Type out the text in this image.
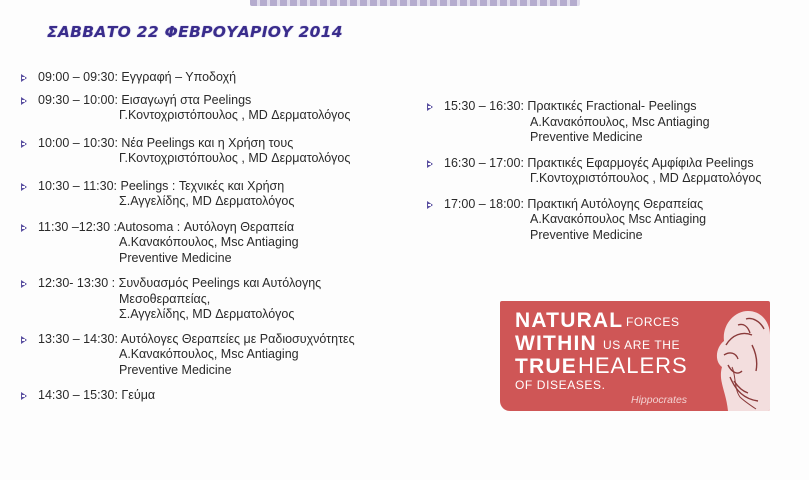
ΣΑΒΒΑΤΟ 22 ΦΕΒΡΟΥΑΡΙΟΥ 2014
09:00 – 09:30: Εγγραφή – Υποδοχή
09:30 – 10:00: Εισαγωγή στα Peelings
Γ.Κοντοχριστόπουλος , MD Δερματολόγος
10:00 – 10:30: Νέα Peelings και η Χρήση τους
Γ.Κοντοχριστόπουλος , MD Δερματολόγος
10:30 – 11:30: Peelings : Τεχνικές και Χρήση
Σ.Αγγελίδης, MD Δερματολόγος
11:30 –12:30 :Autosoma : Αυτόλογη Θεραπεία
Α.Κανακόπουλος, Msc Antiaging
Preventive Medicine
12:30- 13:30 : Συνδυασμός Peelings και Αυτόλογης
Μεσοθεραπείας,
Σ.Αγγελίδης, MD Δερματολόγος
13:30 – 14:30: Αυτόλογες Θεραπείες με Ραδιοσυχνότητες
Α.Κανακόπουλος, Msc Antiaging
Preventive Medicine
14:30 – 15:30: Γεύμα
15:30 – 16:30: Πρακτικές Fractional- Peelings
Α.Κανακόπουλος, Msc Antiaging
Preventive Medicine
16:30 – 17:00: Πρακτικές Εφαρμογές Αμφίφιλα Peelings
Γ.Κοντοχριστόπουλος , MD Δερματολόγος
17:00 – 18:00: Πρακτική Αυτόλογης Θεραπείας
Α.Κανακόπουλος Msc Antiaging
Preventive Medicine
NATURAL FORCES
WITHIN US ARE THE
TRUE HEALERS
OF DISEASES.
Hippocrates
